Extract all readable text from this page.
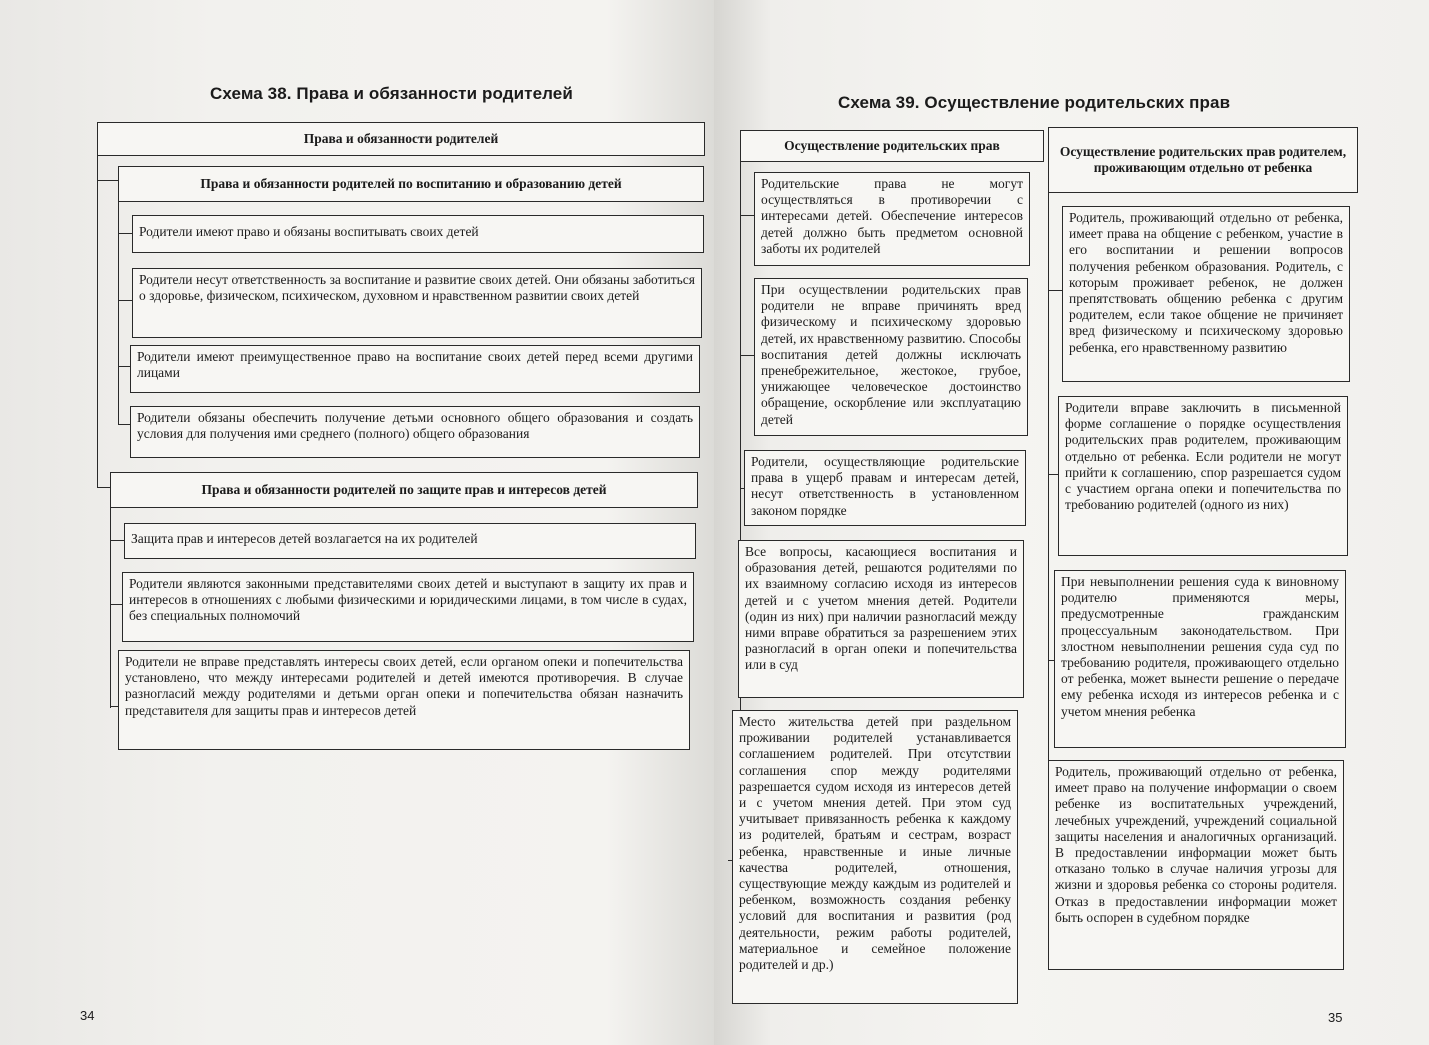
Схема 38. Права и обязанности родителей
Права и обязанности родителей
Права и обязанности родителей по воспитанию и образованию детей
Родители имеют право и обязаны воспитывать своих детей
Родители несут ответственность за воспитание и развитие своих детей. Они обязаны заботиться о здоровье, физическом, психическом, духовном и нравственном развитии своих детей
Родители имеют преимущественное право на воспитание своих детей перед всеми другими лицами
Родители обязаны обеспечить получение детьми основного общего образования и создать условия для получения ими среднего (полного) общего образования
Права и обязанности родителей по защите прав и интересов детей
Защита прав и интересов детей возлагается на их родителей
Родители являются законными представителями своих детей и выступают в защиту их прав и интересов в отношениях с любыми физическими и юридическими лицами, в том числе в судах, без специальных полномочий
Родители не вправе представлять интересы своих детей, если органом опеки и попечительства установлено, что между интересами родителей и детей имеются противоречия. В случае разногласий между родителями и детьми орган опеки и попечительства обязан назначить представителя для защиты прав и интересов детей
34
Схема 39. Осуществление родительских прав
Осуществление родительских прав
Родительские права не могут осуществляться в противоречии с интересами детей. Обеспечение интересов детей должно быть предметом основной заботы их родителей
При осуществлении родительских прав родители не вправе причинять вред физическому и психическому здоровью детей, их нравственному развитию. Способы воспитания детей должны исключать пренебрежительное, жестокое, грубое, унижающее человеческое достоинство обращение, оскорбление или эксплуатацию детей
Родители, осуществляющие родительские права в ущерб правам и интересам детей, несут ответственность в установленном законом порядке
Все вопросы, касающиеся воспитания и образования детей, решаются родителями по их взаимному согласию исходя из интересов детей и с учетом мнения детей. Родители (один из них) при наличии разногласий между ними вправе обратиться за разрешением этих разногласий в орган опеки и попечительства или в суд
Место жительства детей при раздельном проживании родителей устанавливается соглашением родителей. При отсутствии соглашения спор между родителями разрешается судом исходя из интересов детей и с учетом мнения детей. При этом суд учитывает привязанность ребенка к каждому из родителей, братьям и сестрам, возраст ребенка, нравственные и иные личные качества родителей, отношения, существующие между каждым из родителей и ребенком, возможность создания ребенку условий для воспитания и развития (род деятельности, режим работы родителей, материальное и семейное положение родителей и др.)
Осуществление родительских прав родителем, проживающим отдельно от ребенка
Родитель, проживающий отдельно от ребенка, имеет права на общение с ребенком, участие в его воспитании и решении вопросов получения ребенком образования. Родитель, с которым проживает ребенок, не должен препятствовать общению ребенка с другим родителем, если такое общение не причиняет вред физическому и психическому здоровью ребенка, его нравственному развитию
Родители вправе заключить в письменной форме соглашение о порядке осуществления родительских прав родителем, проживающим отдельно от ребенка. Если родители не могут прийти к соглашению, спор разрешается судом с участием органа опеки и попечительства по требованию родителей (одного из них)
При невыполнении решения суда к виновному родителю применяются меры, предусмотренные гражданским процессуальным законодательством. При злостном невыполнении решения суда суд по требованию родителя, проживающего отдельно от ребенка, может вынести решение о передаче ему ребенка исходя из интересов ребенка и с учетом мнения ребенка
Родитель, проживающий отдельно от ребенка, имеет право на получение информации о своем ребенке из воспитательных учреждений, лечебных учреждений, учреждений социальной защиты населения и аналогичных организаций. В предоставлении информации может быть отказано только в случае наличия угрозы для жизни и здоровья ребенка со стороны родителя. Отказ в предоставлении информации может быть оспорен в судебном порядке
35
